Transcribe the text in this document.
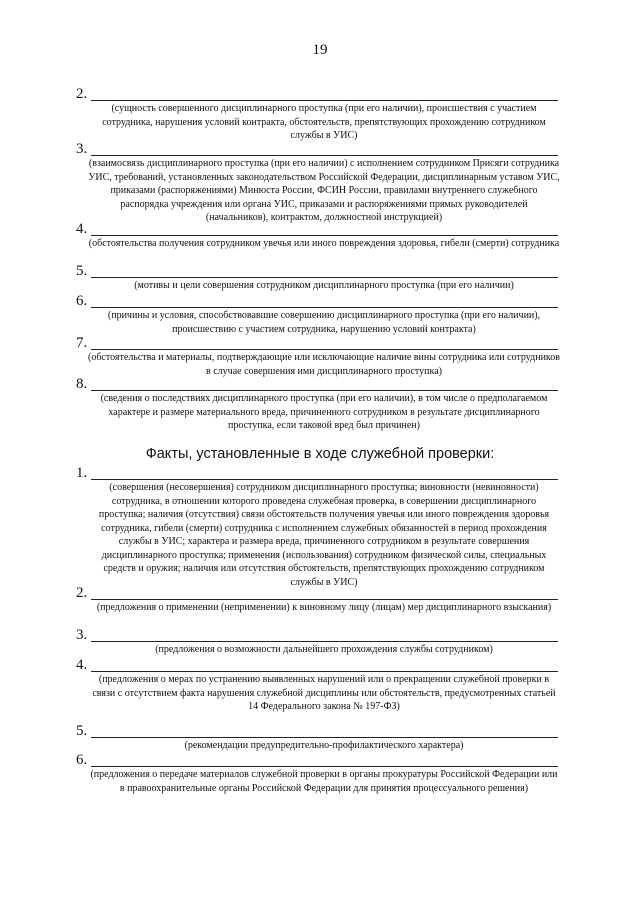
19
2.
(сущность совершенного дисциплинарного проступка (при его наличии), происшествия с участием сотрудника, нарушения условий контракта, обстоятельств, препятствующих прохождению сотрудником службы в УИС)
3.
(взаимосвязь дисциплинарного проступка (при его наличии) с исполнением сотрудником Присяги сотрудника УИС, требований, установленных законодательством Российской Федерации, дисциплинарным уставом УИС, приказами (распоряжениями) Минюста России, ФСИН России, правилами внутреннего служебного распорядка учреждения или органа УИС, приказами и распоряжениями прямых руководителей (начальников), контрактом, должностной инструкцией)
4.
(обстоятельства получения сотрудником увечья или иного повреждения здоровья, гибели (смерти) сотрудника
5.
(мотивы и цели совершения сотрудником дисциплинарного проступка (при его наличии)
6.
(причины и условия, способствовавшие совершению дисциплинарного проступка (при его наличии), происшествию с участием сотрудника, нарушению условий контракта)
7.
(обстоятельства и материалы, подтверждающие или исключающие наличие вины сотрудника или сотрудников в случае совершения ими дисциплинарного проступка)
8.
(сведения о последствиях дисциплинарного проступка (при его наличии), в том числе о предполагаемом характере и размере материального вреда, причиненного сотрудником в результате дисциплинарного проступка, если таковой вред был причинен)
Факты, установленные в ходе служебной проверки:
1.
(совершения (несовершения) сотрудником дисциплинарного проступка; виновности (невиновности) сотрудника, в отношении которого проведена служебная проверка, в совершении дисциплинарного проступка; наличия (отсутствия) связи обстоятельств получения увечья или иного повреждения здоровья сотрудника, гибели (смерти) сотрудника с исполнением служебных обязанностей в период прохождения службы в УИС; характера и размера вреда, причиненного сотрудником в результате совершения дисциплинарного проступка; применения (использования) сотрудником физической силы, специальных средств и оружия; наличия или отсутствия обстоятельств, препятствующих прохождению сотрудником службы в УИС)
2.
(предложения о применении (неприменении) к виновному лицу (лицам) мер дисциплинарного взыскания)
3.
(предложения о возможности дальнейшего прохождения службы сотрудником)
4.
(предложения о мерах по устранению выявленных нарушений или о прекращении служебной проверки в связи с отсутствием факта нарушения служебной дисциплины или обстоятельств, предусмотренных статьей 14 Федерального закона № 197-ФЗ)
5.
(рекомендации предупредительно-профилактического характера)
6.
(предложения о передаче материалов служебной проверки в органы прокуратуры Российской Федерации или в правоохранительные органы Российской Федерации для принятия процессуального решения)
